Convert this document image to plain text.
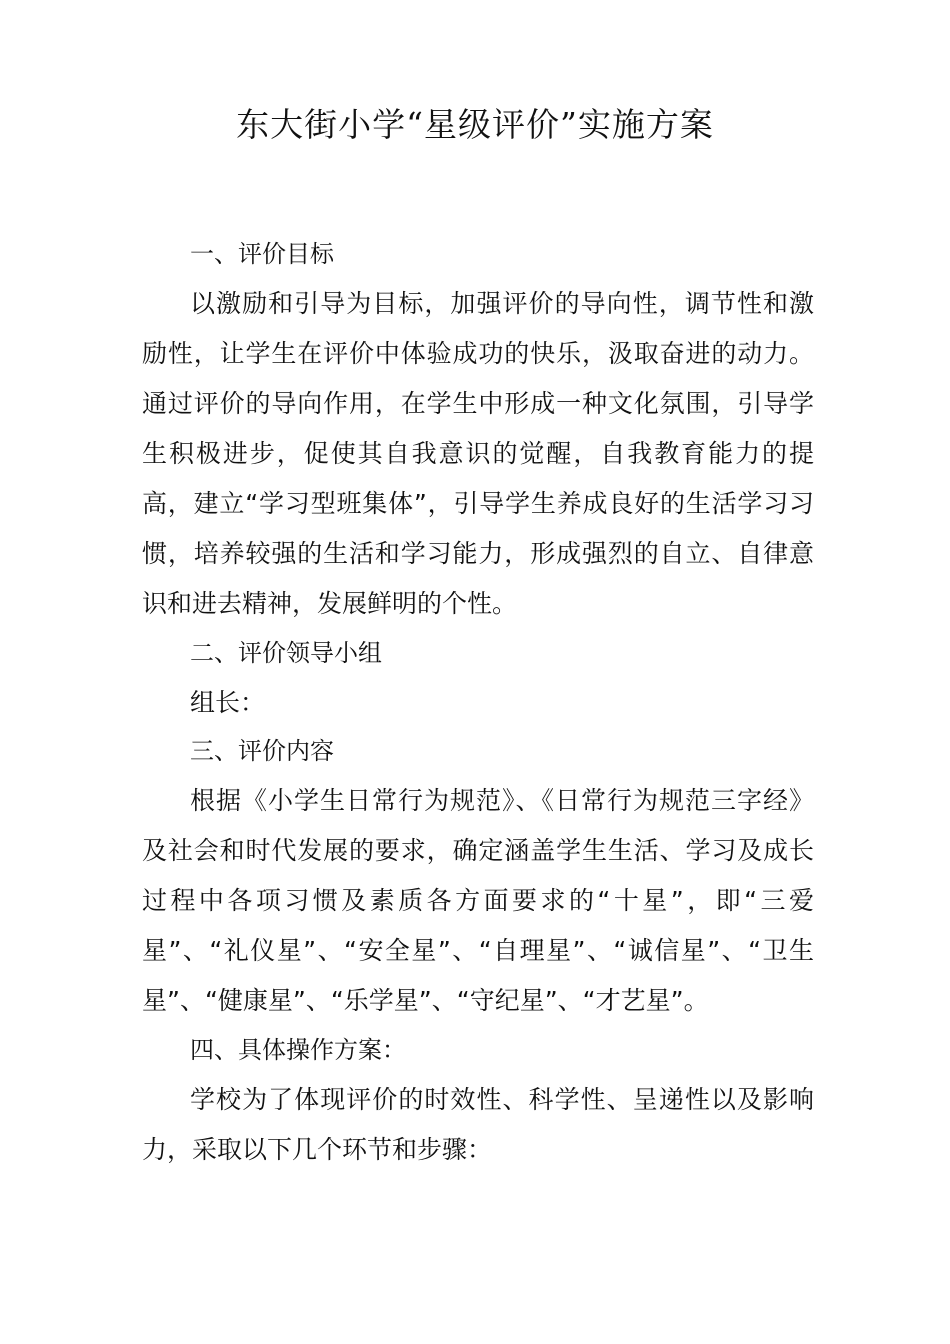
东大街小学“星级评价”实施方案
一、评价目标

以激励和引导为目标，加强评价的导向性，调节性和激励性，让学生在评价中体验成功的快乐，汲取奋进的动力。通过评价的导向作用，在学生中形成一种文化氛围，引导学生积极进步，促使其自我意识的觉醒，自我教育能力的提高，建立“学习型班集体”，引导学生养成良好的生活学习习惯，培养较强的生活和学习能力，形成强烈的自立、自律意识和进去精神，发展鲜明的个性。

二、评价领导小组
组长：
三、评价内容

根据《小学生日常行为规范》、《日常行为规范三字经》及社会和时代发展的要求，确定涵盖学生生活、学习及成长过程中各项习惯及素质各方面要求的“十星”，即“三爱星”、“礼仪星”、“安全星”、“自理星”、“诚信星”、“卫生星”、“健康星”、“乐学星”、“守纪星”、“才艺星”。

四、具体操作方案：

学校为了体现评价的时效性、科学性、呈递性以及影响力，采取以下几个环节和步骤：
